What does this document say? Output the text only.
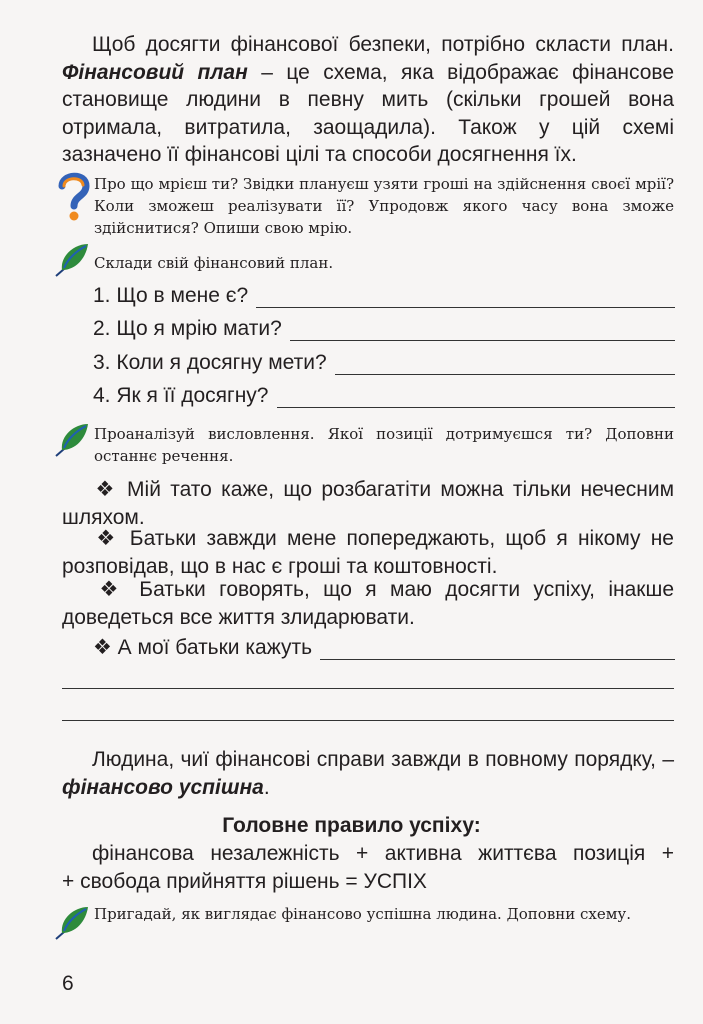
Щоб досягти фінансової безпеки, потрібно скласти план. Фінансовий план – це схема, яка відображає фінансове становище людини в певну мить (скільки грошей вона отримала, витратила, заощадила). Також у цій схемі зазначено її фінансові цілі та способи досягнення їх.
Про що мрієш ти? Звідки плануєш узяти гроші на здійснення своєї мрії? Коли зможеш реалізувати її? Упродовж якого часу вона зможе здійснитися? Опиши свою мрію.
Склади свій фінансовий план.
1. Що в мене є?
2. Що я мрію мати?
3. Коли я досягну мети?
4. Як я її досягну?
Проаналізуй висловлення. Якої позиції дотримуєшся ти? Доповни останнє речення.
❖ Мій тато каже, що розбагатіти можна тільки нечесним шляхом.
❖ Батьки завжди мене попереджають, щоб я нікому не розповідав, що в нас є гроші та коштовності.
❖ Батьки говорять, що я маю досягти успіху, інакше доведеться все життя злидарювати.
❖
А мої батьки кажуть
Людина, чиї фінансові справи завжди в повному порядку, – фінансово успішна.
Головне правило успіху:
фінансова незалежність + активна життєва позиція +
+ свобода прийняття рішень = УСПІХ
Пригадай, як виглядає фінансово успішна людина. Доповни схему.
6
